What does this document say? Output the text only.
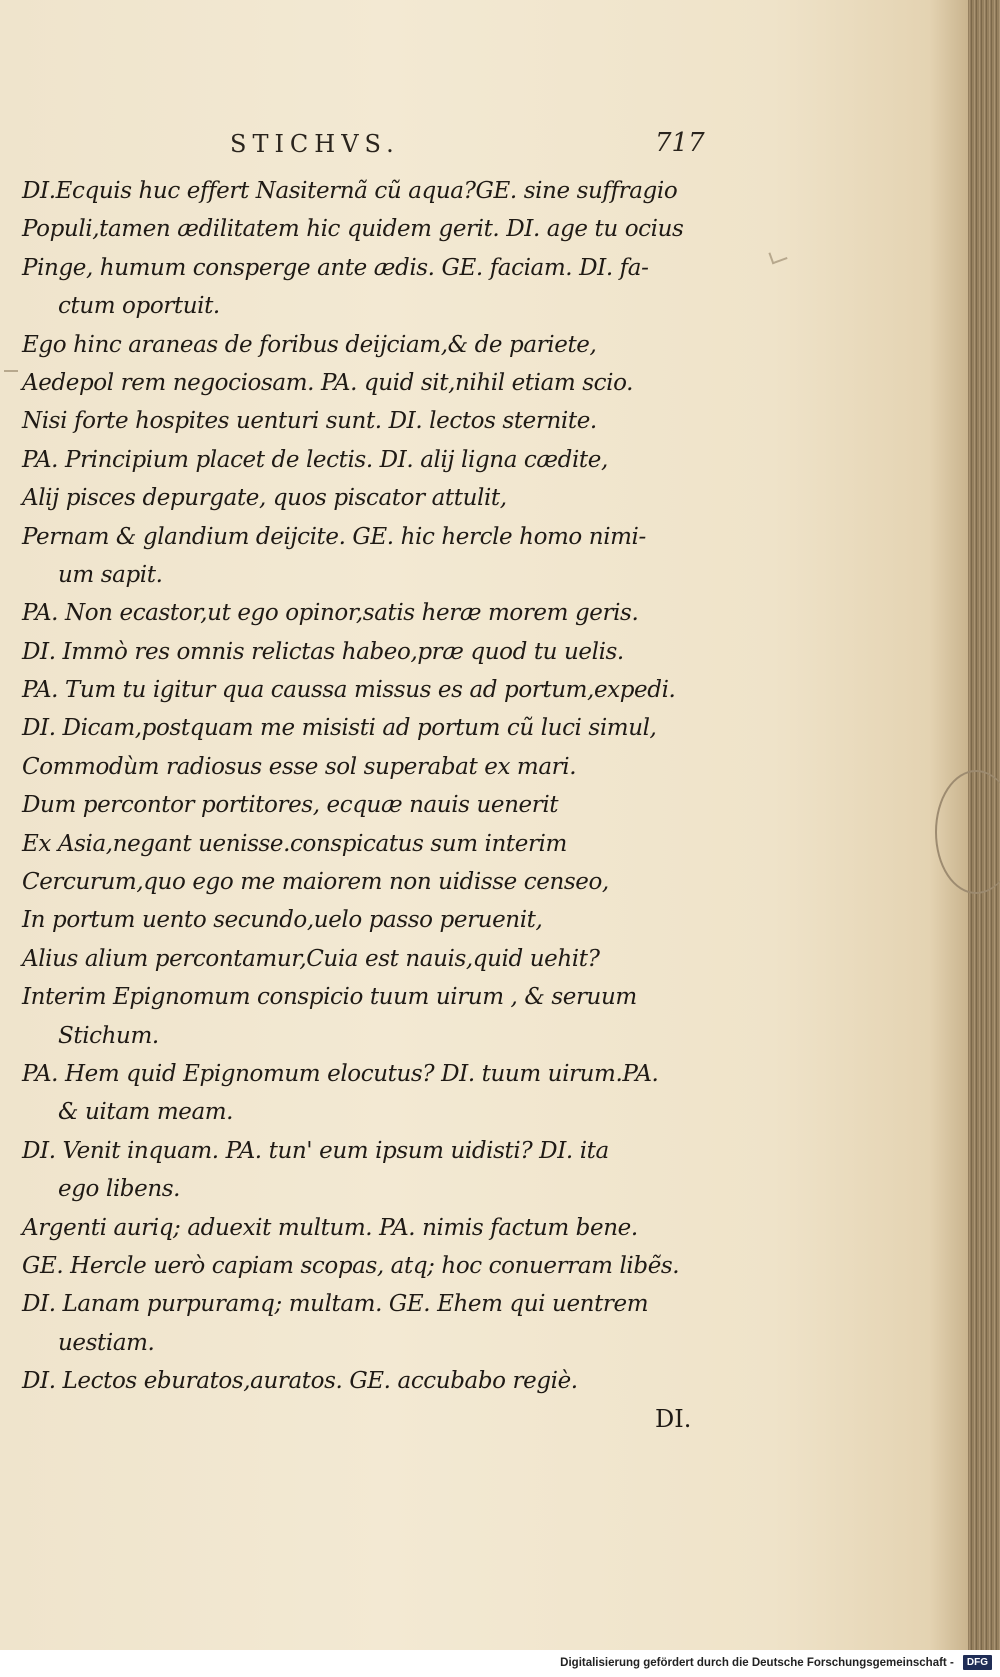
STICHVS.	717
DI.Ecquis huc effert Nasiternã cũ aqua?GE. sine suffragio
Populi,tamen ædilitatem hic quidem gerit. DI. age tu ocius
Pinge, humum consperge ante ædis. GE. faciam. DI. fa-
ctum oportuit.
Ego hinc araneas de foribus deijciam,& de pariete,
Aedepol rem negociosam. PA. quid sit,nihil etiam scio.
Nisi forte hospites uenturi sunt. DI. lectos sternite.
PA. Principium placet de lectis. DI. alij ligna cædite,
Alij pisces depurgate, quos piscator attulit,
Pernam & glandium deijcite. GE. hic hercle homo nimi-
um sapit.
PA. Non ecastor,ut ego opinor,satis heræ morem geris.
DI. Immò res omnis relictas habeo,præ quod tu uelis.
PA. Tum tu igitur qua caussa missus es ad portum,expedi.
DI. Dicam,postquam me misisti ad portum cũ luci simul,
Commodùm radiosus esse sol superabat ex mari.
Dum percontor portitores, ecquæ nauis uenerit
Ex Asia,negant uenisse.conspicatus sum interim
Cercurum,quo ego me maiorem non uidisse censeo,
In portum uento secundo,uelo passo peruenit,
Alius alium percontamur,Cuia est nauis,quid uehit?
Interim Epignomum conspicio tuum uirum , & seruum
Stichum.
PA. Hem quid Epignomum elocutus? DI. tuum uirum.PA.
& uitam meam.
DI. Venit inquam. PA. tun' eum ipsum uidisti? DI. ita
ego libens.
Argenti auriq; aduexit multum. PA. nimis factum bene.
GE. Hercle uerò capiam scopas, atq; hoc conuerram libẽs.
DI. Lanam purpuramq; multam. GE. Ehem qui uentrem
uestiam.
DI. Lectos eburatos,auratos. GE. accubabo regiè.
DI.
Digitalisierung gefördert durch die Deutsche Forschungsgemeinschaft - DFG
